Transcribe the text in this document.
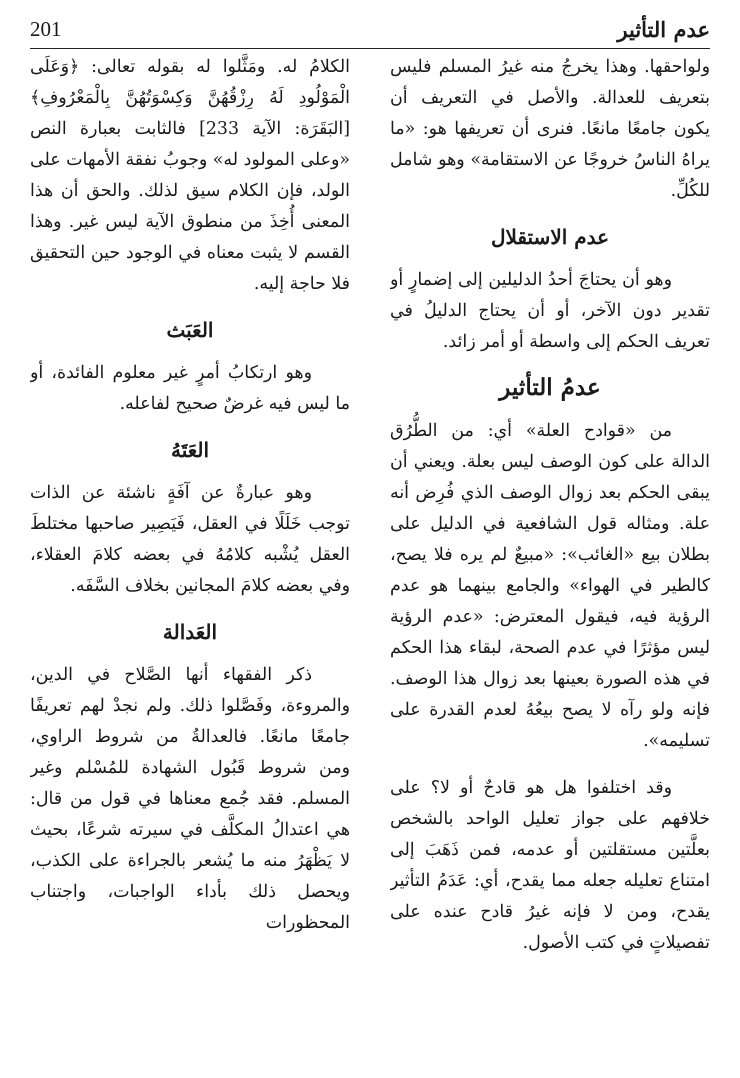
201	عدم التأثير

الكلامُ له. ومَثَّلوا له بقوله تعالى: ﴿وَعَلَى الْمَوْلُودِ لَهُ رِزْقُهُنَّ وَكِسْوَتُهُنَّ بِالْمَعْرُوفِ﴾ [البَقَرَة: الآية 233] فالثابت بعبارة النص «وعلى المولود له» وجوبُ نفقة الأمهات على الولد، فإن الكلام سيق لذلك. والحق أن هذا المعنى أُخِذَ من منطوق الآية ليس غير. وهذا القسم لا يثبت معناه في الوجود حين التحقيق فلا حاجة إليه.

العَبَث

وهو ارتكابُ أمرٍ غير معلوم الفائدة، أو ما ليس فيه غرضٌ صحيح لفاعله.

العَتَهُ

وهو عبارةٌ عن آفَةٍ ناشئة عن الذات توجب خَلَلًا في العقل، فَيَصِير صاحبها مختلطَ العقل يُشْبه كلامُهُ في بعضه كلامَ العقلاء، وفي بعضه كلامَ المجانين بخلاف السَّفَه.

العَدالة

ذكر الفقهاء أنها الصَّلاح في الدين، والمروءة، وفَصَّلوا ذلك. ولم نجدْ لهم تعريفًا جامعًا مانعًا. فالعدالةُ من شروط الراوي، ومن شروط قَبُول الشهادة للمُسْلم وغير المسلم. فقد جُمع معناها في قول من قال: هي اعتدالُ المكلَّف في سيرته شرعًا، بحيث لا يَظْهَرُ منه ما يُشعر بالجراءة على الكذب، ويحصل ذلك بأداء الواجبات، واجتناب المحظورات

ولواحقها. وهذا يخرجُ منه غيرُ المسلم فليس بتعريف للعدالة. والأصل في التعريف أن يكون جامعًا مانعًا. فنرى أن تعريفها هو: «ما يراهُ الناسُ خروجًا عن الاستقامة» وهو شامل للكُلِّ.

عدم الاستقلال

وهو أن يحتاجَ أحدُ الدليلين إلى إضمارٍ أو تقدير دون الآخر، أو أن يحتاج الدليلُ في تعريف الحكم إلى واسطة أو أمر زائد.

عدمُ التأثير

من «قوادح العلة» أي: من الطُّرُق الدالة على كون الوصف ليس بعلة. ويعني أن يبقى الحكم بعد زوال الوصف الذي فُرِض أنه علة. ومثاله قول الشافعية في الدليل على بطلان بيع «الغائب»: «مبيعٌ لم يره فلا يصح، كالطير في الهواء» والجامع بينهما هو عدم الرؤية فيه، فيقول المعترض: «عدم الرؤية ليس مؤثرًا في عدم الصحة، لبقاء هذا الحكم في هذه الصورة بعينها بعد زوال هذا الوصف. فإنه ولو رآه لا يصح بيعُهُ لعدم القدرة على تسليمه».

وقد اختلفوا هل هو قادحٌ أو لا؟ على خلافهم على جواز تعليل الواحد بالشخص بعلَّتين مستقلتين أو عدمه، فمن ذَهَبَ إلى امتناع تعليله جعله مما يقدح، أي: عَدَمُ التأثير يقدح، ومن لا فإنه غيرُ قادح عنده على تفصيلاتٍ في كتب الأصول.
